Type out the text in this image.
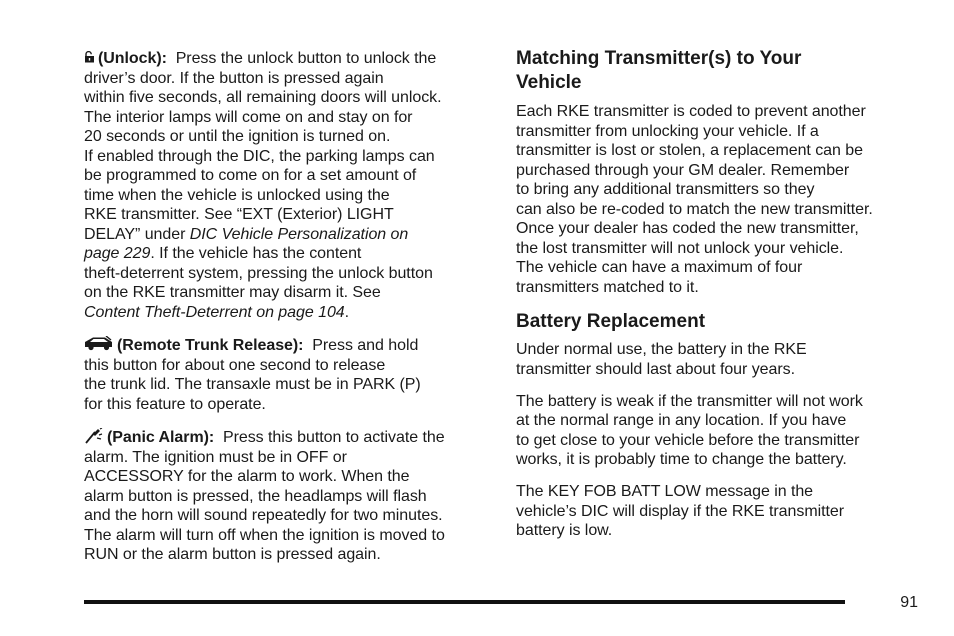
(Unlock): Press the unlock button to unlock the
driver’s door. If the button is pressed again
within five seconds, all remaining doors will unlock.
The interior lamps will come on and stay on for
20 seconds or until the ignition is turned on.
If enabled through the DIC, the parking lamps can
be programmed to come on for a set amount of
time when the vehicle is unlocked using the
RKE transmitter. See “EXT (Exterior) LIGHT
DELAY” under DIC Vehicle Personalization on
page 229. If the vehicle has the content
theft-deterrent system, pressing the unlock button
on the RKE transmitter may disarm it. See
Content Theft-Deterrent on page 104.

(Remote Trunk Release): Press and hold
this button for about one second to release
the trunk lid. The transaxle must be in PARK (P)
for this feature to operate.

(Panic Alarm): Press this button to activate the
alarm. The ignition must be in OFF or
ACCESSORY for the alarm to work. When the
alarm button is pressed, the headlamps will flash
and the horn will sound repeatedly for two minutes.
The alarm will turn off when the ignition is moved to
RUN or the alarm button is pressed again.

Matching Transmitter(s) to Your
Vehicle

Each RKE transmitter is coded to prevent another
transmitter from unlocking your vehicle. If a
transmitter is lost or stolen, a replacement can be
purchased through your GM dealer. Remember
to bring any additional transmitters so they
can also be re-coded to match the new transmitter.
Once your dealer has coded the new transmitter,
the lost transmitter will not unlock your vehicle.
The vehicle can have a maximum of four
transmitters matched to it.

Battery Replacement

Under normal use, the battery in the RKE
transmitter should last about four years.

The battery is weak if the transmitter will not work
at the normal range in any location. If you have
to get close to your vehicle before the transmitter
works, it is probably time to change the battery.

The KEY FOB BATT LOW message in the
vehicle’s DIC will display if the RKE transmitter
battery is low.

91
